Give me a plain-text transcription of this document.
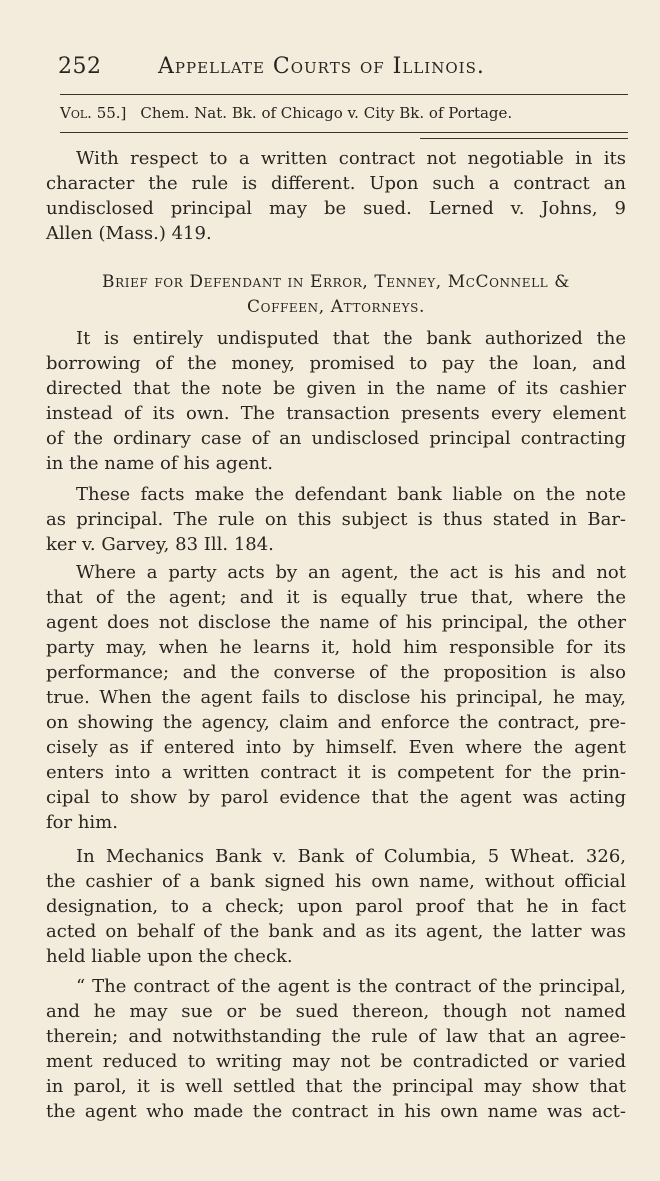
252	Appellate Courts of Illinois.
Vol. 55.] Chem. Nat. Bk. of Chicago v. City Bk. of Portage.
With respect to a written contract not negotiable in its
character the rule is different. Upon such a contract an
undisclosed principal may be sued. Lerned v. Johns, 9
Allen (Mass.) 419.
Brief for Defendant in Error, Tenney, McConnell &
Coffeen, Attorneys.
It is entirely undisputed that the bank authorized the
borrowing of the money, promised to pay the loan, and
directed that the note be given in the name of its cashier
instead of its own. The transaction presents every element
of the ordinary case of an undisclosed principal contracting
in the name of his agent.
These facts make the defendant bank liable on the note
as principal. The rule on this subject is thus stated in Bar-
ker v. Garvey, 83 Ill. 184.
Where a party acts by an agent, the act is his and not
that of the agent; and it is equally true that, where the
agent does not disclose the name of his principal, the other
party may, when he learns it, hold him responsible for its
performance; and the converse of the proposition is also
true. When the agent fails to disclose his principal, he may,
on showing the agency, claim and enforce the contract, pre-
cisely as if entered into by himself. Even where the agent
enters into a written contract it is competent for the prin-
cipal to show by parol evidence that the agent was acting
for him.
In Mechanics Bank v. Bank of Columbia, 5 Wheat. 326,
the cashier of a bank signed his own name, without official
designation, to a check; upon parol proof that he in fact
acted on behalf of the bank and as its agent, the latter was
held liable upon the check.
“ The contract of the agent is the contract of the principal,
and he may sue or be sued thereon, though not named
therein; and notwithstanding the rule of law that an agree-
ment reduced to writing may not be contradicted or varied
in parol, it is well settled that the principal may show that
the agent who made the contract in his own name was act-
